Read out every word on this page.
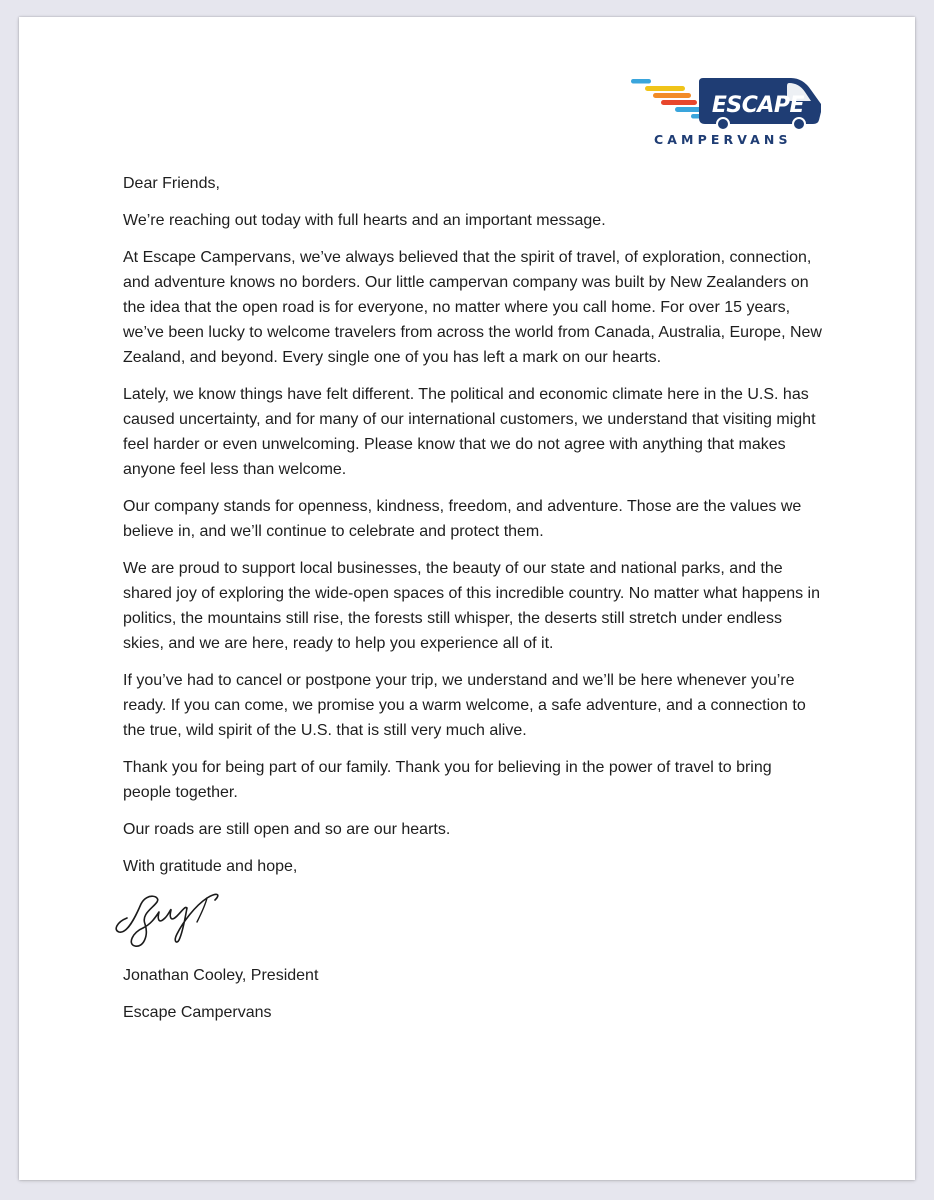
ESCAPE
CAMPERVANS

Dear Friends,

We’re reaching out today with full hearts and an important message.

At Escape Campervans, we’ve always believed that the spirit of travel, of exploration, connection, and adventure knows no borders. Our little campervan company was built by New Zealanders on the idea that the open road is for everyone, no matter where you call home. For over 15 years, we’ve been lucky to welcome travelers from across the world from Canada, Australia, Europe, New Zealand, and beyond. Every single one of you has left a mark on our hearts.

Lately, we know things have felt different. The political and economic climate here in the U.S. has caused uncertainty, and for many of our international customers, we understand that visiting might feel harder or even unwelcoming. Please know that we do not agree with anything that makes anyone feel less than welcome.

Our company stands for openness, kindness, freedom, and adventure. Those are the values we believe in, and we’ll continue to celebrate and protect them.

We are proud to support local businesses, the beauty of our state and national parks, and the shared joy of exploring the wide-open spaces of this incredible country. No matter what happens in politics, the mountains still rise, the forests still whisper, the deserts still stretch under endless skies, and we are here, ready to help you experience all of it.

If you’ve had to cancel or postpone your trip, we understand and we’ll be here whenever you’re ready. If you can come, we promise you a warm welcome, a safe adventure, and a connection to the true, wild spirit of the U.S. that is still very much alive.

Thank you for being part of our family. Thank you for believing in the power of travel to bring people together.

Our roads are still open and so are our hearts.

With gratitude and hope,

Jonathan Cooley, President

Escape Campervans
